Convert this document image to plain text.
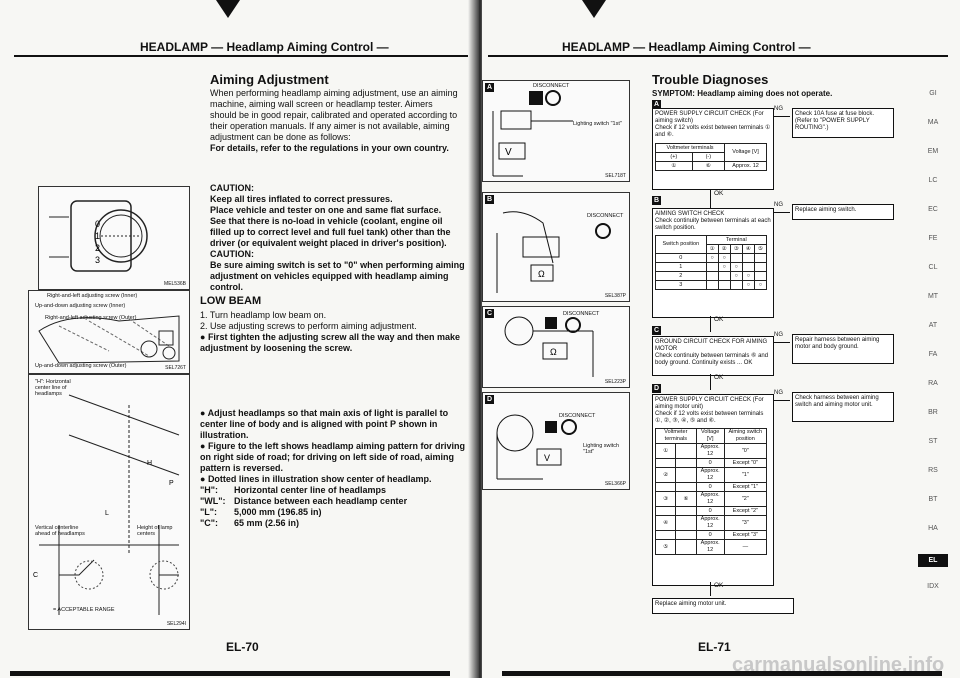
HEADLAMP — Headlamp Aiming Control —
Aiming Adjustment
When performing headlamp aiming adjustment, use an aiming machine, aiming wall screen or headlamp tester. Aimers should be in good repair, calibrated and operated according to their operation manuals. If any aimer is not available, aiming adjustment can be done as follows:
For details, refer to the regulations in your own country.
CAUTION:
Keep all tires inflated to correct pressures.
Place vehicle and tester on one and same flat surface.
See that there is no-load in vehicle (coolant, engine oil filled up to correct level and full fuel tank) other than the driver (or equivalent weight placed in driver's position).
CAUTION:
Be sure aiming switch is set to "0" when performing aiming adjustment on vehicles equipped with headlamp aiming control.
LOW BEAM
1. Turn headlamp low beam on.
2. Use adjusting screws to perform aiming adjustment.
● First tighten the adjusting screw all the way and then make adjustment by loosening the screw.
● Adjust headlamps so that main axis of light is parallel to center line of body and is aligned with point P shown in illustration.
● Figure to the left shows headlamp aiming pattern for driving on right side of road; for driving on left side of road, aiming pattern is reversed.
● Dotted lines in illustration show center of headlamp.
"H": Horizontal center line of headlamps
"WL": Distance between each headlamp center
"L": 5,000 mm (196.85 in)
"C": 65 mm (2.56 in)
0
1
2
3
MEL536B
Right-and-left adjusting screw (Inner)
Up-and-down adjusting screw (Inner)
Right-and-left adjusting screw (Outer)
Up-and-down adjusting screw (Outer)	SEL726T
P
H
C
L
"H": Horizontal center line of headlamps
Vertical centerline ahead of headlamps
Height of lamp centers
= ACCEPTABLE RANGE
SEL294I
EL-70
HEADLAMP — Headlamp Aiming Control —
A	DISCONNECT
V
Lighting switch "1st"
SEL718T
B
DISCONNECT
Ω
SEL387P
C	DISCONNECT
Ω
SEL223P
D
DISCONNECT
V
Lighting switch "1st"
SEL366P
Trouble Diagnoses
SYMPTOM: Headlamp aiming does not operate.
A
POWER SUPPLY CIRCUIT CHECK (For aiming switch)
Check if 12 volts exist between terminals ① and ⑥.
Voltmeter terminals		Voltage [V]
(+)	(-)	
①	⑥	Approx. 12
NG
Check 10A fuse at fuse block. (Refer to "POWER SUPPLY ROUTING".)
OK
B
AIMING SWITCH CHECK
Check continuity between terminals at each switch position.
Switch position	Terminal				
	①	②	③	④	⑤
0	○	○			
1		○	○		
2			○	○	
3				○	○
NG
Replace aiming switch.
OK
C
GROUND CIRCUIT CHECK FOR AIMING MOTOR
Check continuity between terminals ⑥ and body ground. Continuity exists ... OK
NG
Repair harness between aiming motor and body ground.
OK
D
POWER SUPPLY CIRCUIT CHECK (For aiming motor unit)
Check if 12 volts exist between terminals ①, ②, ③, ④, ⑤ and ⑥.
Voltmeter terminals		Voltage [V]	Aiming switch position
①		Approx. 12	"0"
		0	Except "0"
②		Approx. 12	"1"
		0	Except "1"
③	⑥	Approx. 12	"2"
		0	Except "2"
④		Approx. 12	"3"
		0	Except "3"
⑤		Approx. 12	—
NG
Check harness between aiming switch and aiming motor unit.
OK
Replace aiming motor unit.
EL-71
carmanualsonline.info
GI
MA
EM
LC
EC
FE
CL
MT
AT
FA
RA
BR
ST
RS
BT
HA
EL
IDX
